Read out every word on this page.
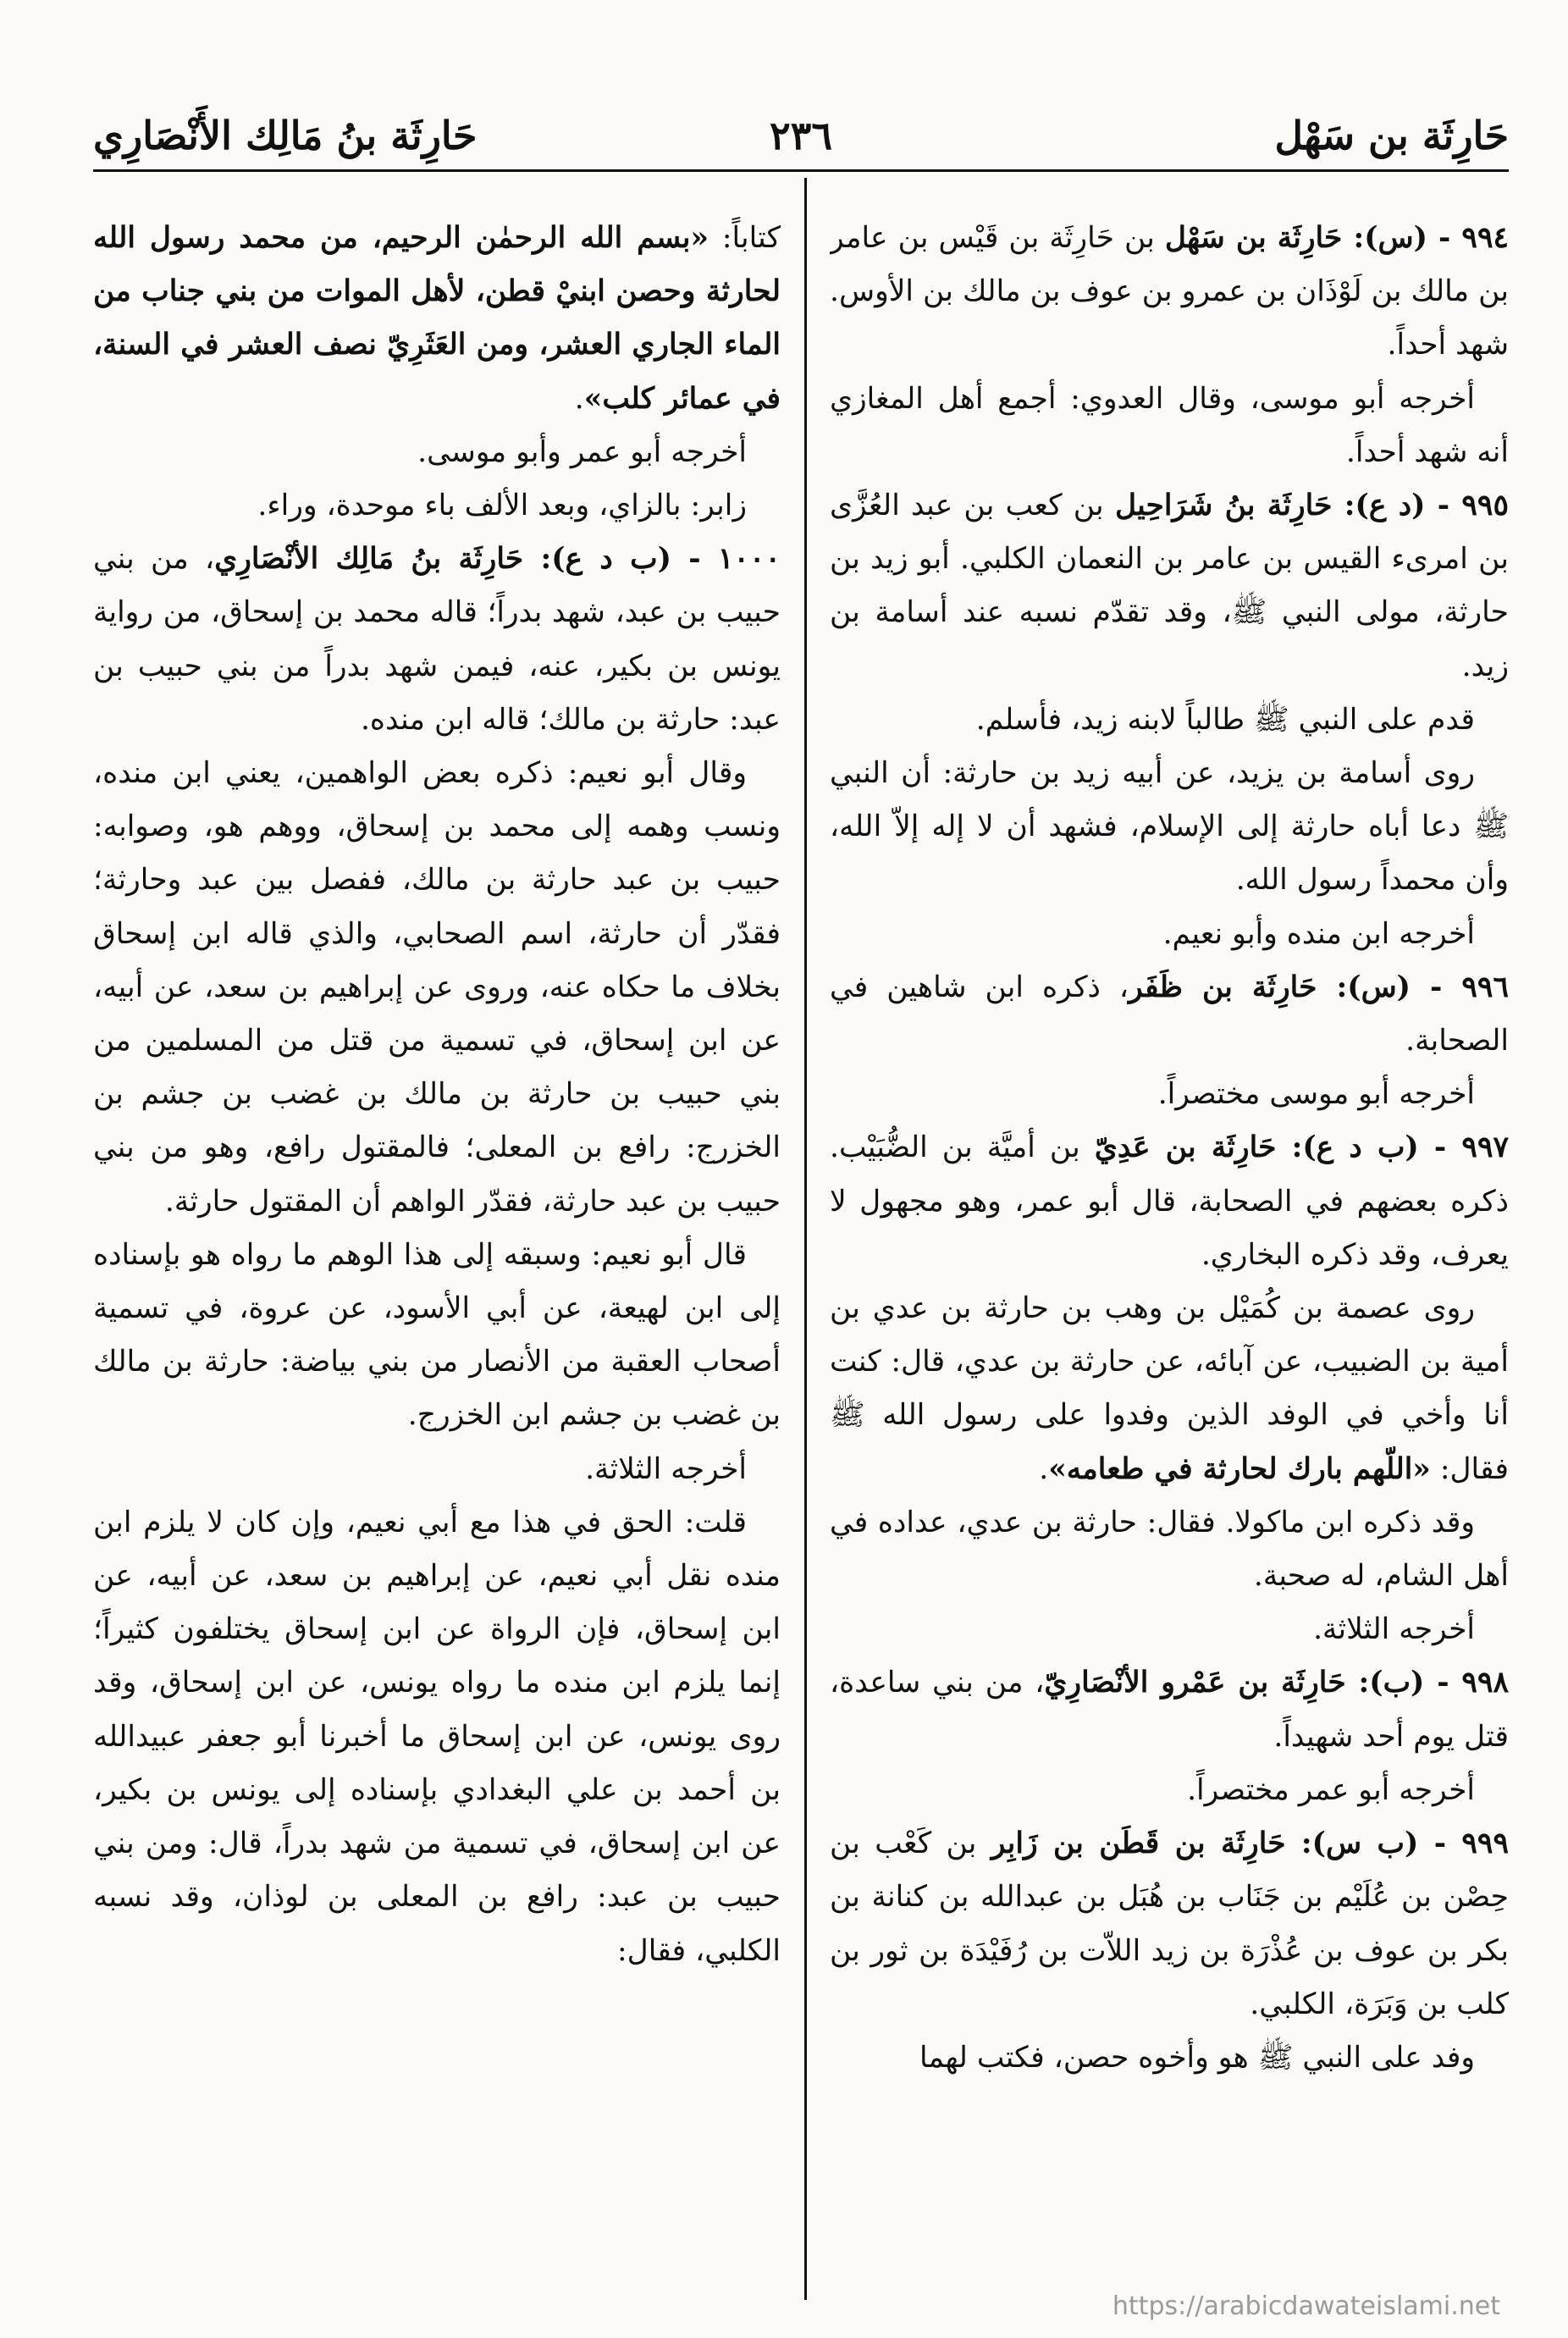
حَارِثَة بن سَهْل
٢٣٦
حَارِثَة بنُ مَالِك الأَنْصَارِي

٩٩٤ - (س): حَارِثَة بن سَهْل بن حَارِثَة بن قَيْس بن عامر بن مالك بن لَوْذَان بن عمرو بن عوف بن مالك بن الأوس. شهد أحداً.

أخرجه أبو موسى، وقال العدوي: أجمع أهل المغازي أنه شهد أحداً.

٩٩٥ - (د ع): حَارِثَة بنُ شَرَاحِيل بن كعب بن عبد العُزَّى بن امرىء القيس بن عامر بن النعمان الكلبي. أبو زيد بن حارثة، مولى النبي ﷺ، وقد تقدّم نسبه عند أسامة بن زيد.

قدم على النبي ﷺ طالباً لابنه زيد، فأسلم.

روى أسامة بن يزيد، عن أبيه زيد بن حارثة: أن النبي ﷺ دعا أباه حارثة إلى الإسلام، فشهد أن لا إله إلاّ الله، وأن محمداً رسول الله.

أخرجه ابن منده وأبو نعيم.

٩٩٦ - (س): حَارِثَة بن ظَفَر، ذكره ابن شاهين في الصحابة.

أخرجه أبو موسى مختصراً.

٩٩٧ - (ب د ع): حَارِثَة بن عَدِيّ بن أميَّة بن الضُّبَيْب. ذكره بعضهم في الصحابة، قال أبو عمر، وهو مجهول لا يعرف، وقد ذكره البخاري.

روى عصمة بن كُمَيْل بن وهب بن حارثة بن عدي بن أمية بن الضبيب، عن آبائه، عن حارثة بن عدي، قال: كنت أنا وأخي في الوفد الذين وفدوا على رسول الله ﷺ فقال: «اللّهم بارك لحارثة في طعامه».

وقد ذكره ابن ماكولا. فقال: حارثة بن عدي، عداده في أهل الشام، له صحبة.

أخرجه الثلاثة.

٩٩٨ - (ب): حَارِثَة بن عَمْرو الأنْصَارِيّ، من بني ساعدة، قتل يوم أحد شهيداً.

أخرجه أبو عمر مختصراً.

٩٩٩ - (ب س): حَارِثَة بن قَطَن بن زَابِر بن كَعْب بن حِصْن بن عُلَيْم بن جَنَاب بن هُبَل بن عبدالله بن كنانة بن بكر بن عوف بن عُذْرَة بن زيد اللاّت بن رُفَيْدَة بن ثور بن كلب بن وَبَرَة، الكلبي.

وفد على النبي ﷺ هو وأخوه حصن، فكتب لهما

كتاباً: «بسم الله الرحمٰن الرحيم، من محمد رسول الله لحارثة وحصن ابنيْ قطن، لأهل الموات من بني جناب من الماء الجاري العشر، ومن العَثَرِيّ نصف العشر في السنة، في عمائر كلب».

أخرجه أبو عمر وأبو موسى.

زابر: بالزاي، وبعد الألف باء موحدة، وراء.

١٠٠٠ - (ب د ع): حَارِثَة بنُ مَالِك الأنْصَارِي، من بني حبيب بن عبد، شهد بدراً؛ قاله محمد بن إسحاق، من رواية يونس بن بكير، عنه، فيمن شهد بدراً من بني حبيب بن عبد: حارثة بن مالك؛ قاله ابن منده.

وقال أبو نعيم: ذكره بعض الواهمين، يعني ابن منده، ونسب وهمه إلى محمد بن إسحاق، ووهم هو، وصوابه: حبيب بن عبد حارثة بن مالك، ففصل بين عبد وحارثة؛ فقدّر أن حارثة، اسم الصحابي، والذي قاله ابن إسحاق بخلاف ما حكاه عنه، وروى عن إبراهيم بن سعد، عن أبيه، عن ابن إسحاق، في تسمية من قتل من المسلمين من بني حبيب بن حارثة بن مالك بن غضب بن جشم بن الخزرج: رافع بن المعلى؛ فالمقتول رافع، وهو من بني حبيب بن عبد حارثة، فقدّر الواهم أن المقتول حارثة.

قال أبو نعيم: وسبقه إلى هذا الوهم ما رواه هو بإسناده إلى ابن لهيعة، عن أبي الأسود، عن عروة، في تسمية أصحاب العقبة من الأنصار من بني بياضة: حارثة بن مالك بن غضب بن جشم ابن الخزرج.

أخرجه الثلاثة.

قلت: الحق في هذا مع أبي نعيم، وإن كان لا يلزم ابن منده نقل أبي نعيم، عن إبراهيم بن سعد، عن أبيه، عن ابن إسحاق، فإن الرواة عن ابن إسحاق يختلفون كثيراً؛ إنما يلزم ابن منده ما رواه يونس، عن ابن إسحاق، وقد روى يونس، عن ابن إسحاق ما أخبرنا أبو جعفر عبيدالله بن أحمد بن علي البغدادي بإسناده إلى يونس بن بكير، عن ابن إسحاق، في تسمية من شهد بدراً، قال: ومن بني حبيب بن عبد: رافع بن المعلى بن لوذان، وقد نسبه الكلبي، فقال:

https://arabicdawateislami.net
